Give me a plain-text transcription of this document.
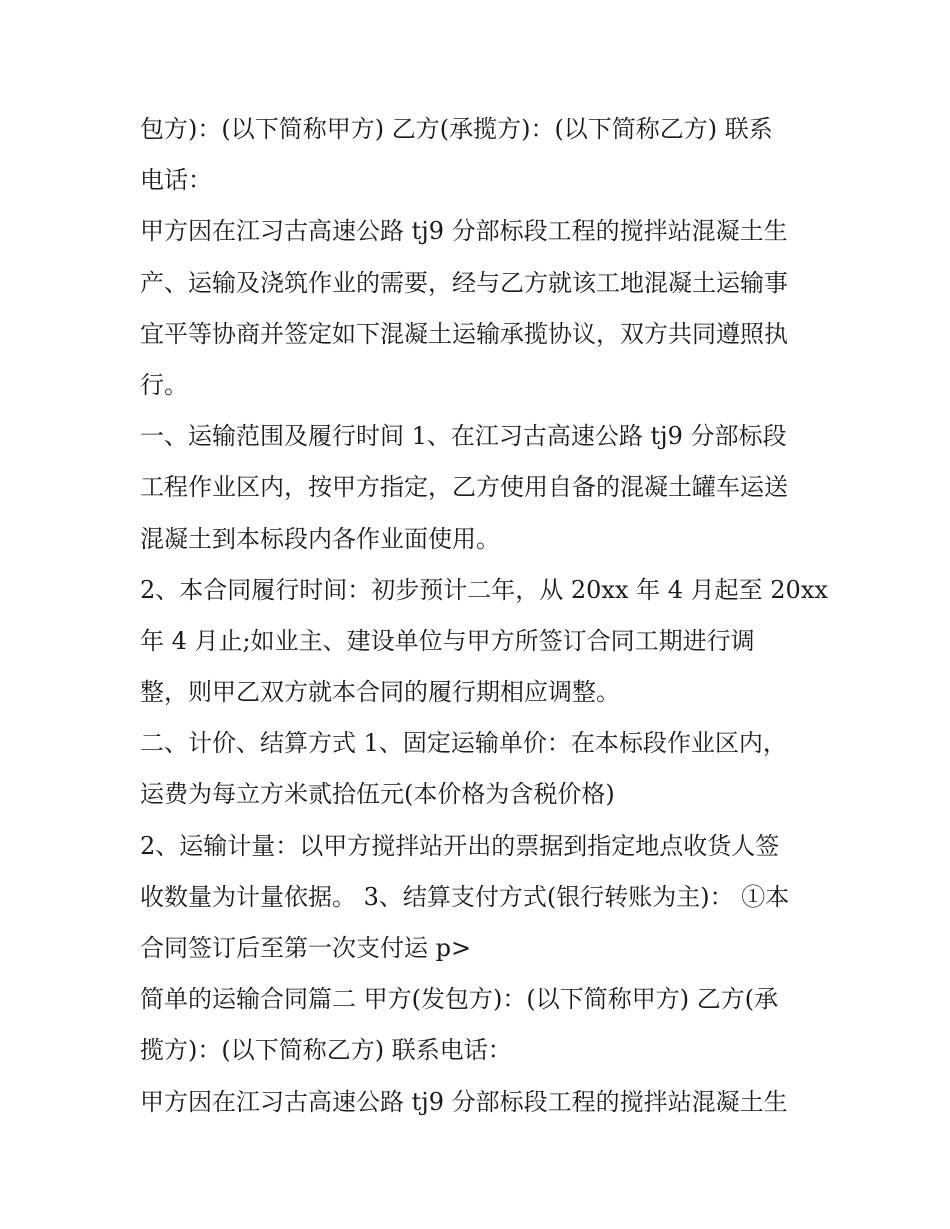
包方)：(以下简称甲方) 乙方(承揽方)：(以下简称乙方) 联系
电话：
甲方因在江习古高速公路 tj9 分部标段工程的搅拌站混凝土生
产、运输及浇筑作业的需要，经与乙方就该工地混凝土运输事
宜平等协商并签定如下混凝土运输承揽协议，双方共同遵照执
行。
一、运输范围及履行时间 1、在江习古高速公路 tj9 分部标段
工程作业区内，按甲方指定，乙方使用自备的混凝土罐车运送
混凝土到本标段内各作业面使用。
2、本合同履行时间：初步预计二年，从 20xx 年 4 月起至 20xx
年 4 月止;如业主、建设单位与甲方所签订合同工期进行调
整，则甲乙双方就本合同的履行期相应调整。
二、计价、结算方式 1、固定运输单价：在本标段作业区内，
运费为每立方米贰拾伍元(本价格为含税价格)
2、运输计量：以甲方搅拌站开出的票据到指定地点收货人签
收数量为计量依据。 3、结算支付方式(银行转账为主)： ①本
合同签订后至第一次支付运 p>
简单的运输合同篇二 甲方(发包方)：(以下简称甲方) 乙方(承
揽方)：(以下简称乙方) 联系电话：
甲方因在江习古高速公路 tj9 分部标段工程的搅拌站混凝土生
